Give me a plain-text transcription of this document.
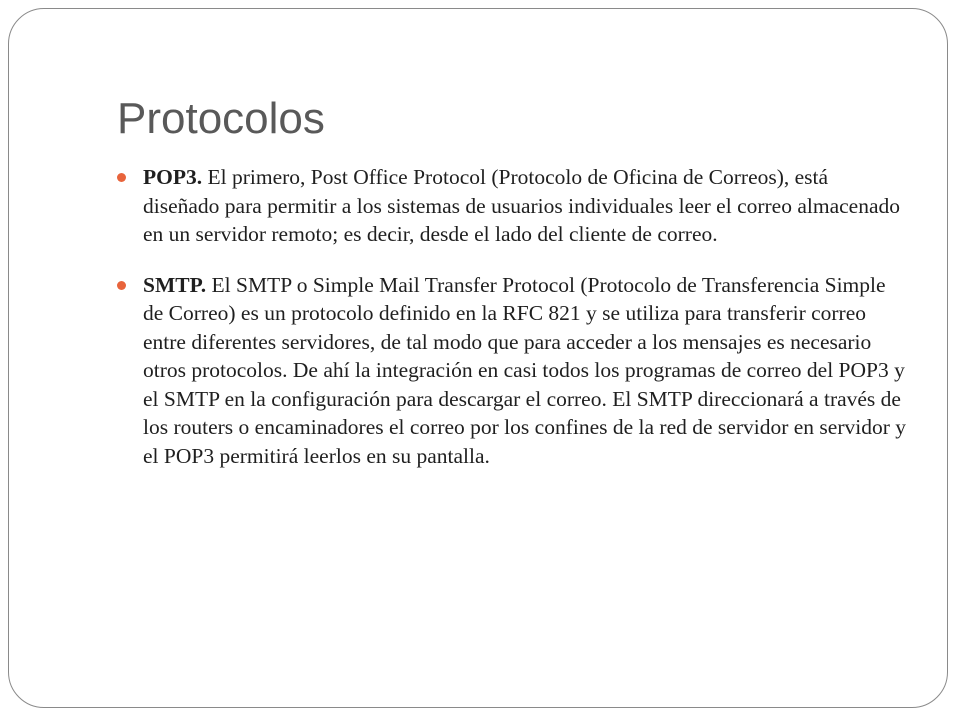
Protocolos
POP3. El primero, Post Office Protocol (Protocolo de Oficina de Correos), está diseñado para permitir a los sistemas de usuarios individuales leer el correo almacenado en un servidor remoto; es decir, desde el lado del cliente de correo.
SMTP. El SMTP o Simple Mail Transfer Protocol (Protocolo de Transferencia Simple de Correo) es un protocolo definido en la RFC 821 y se utiliza para transferir correo entre diferentes servidores, de tal modo que para acceder a los mensajes es necesario otros protocolos. De ahí la integración en casi todos los programas de correo del POP3 y el SMTP en la configuración para descargar el correo. El SMTP direccionará a través de los routers o encaminadores el correo por los confines de la red de servidor en servidor y el POP3 permitirá leerlos en su pantalla.
